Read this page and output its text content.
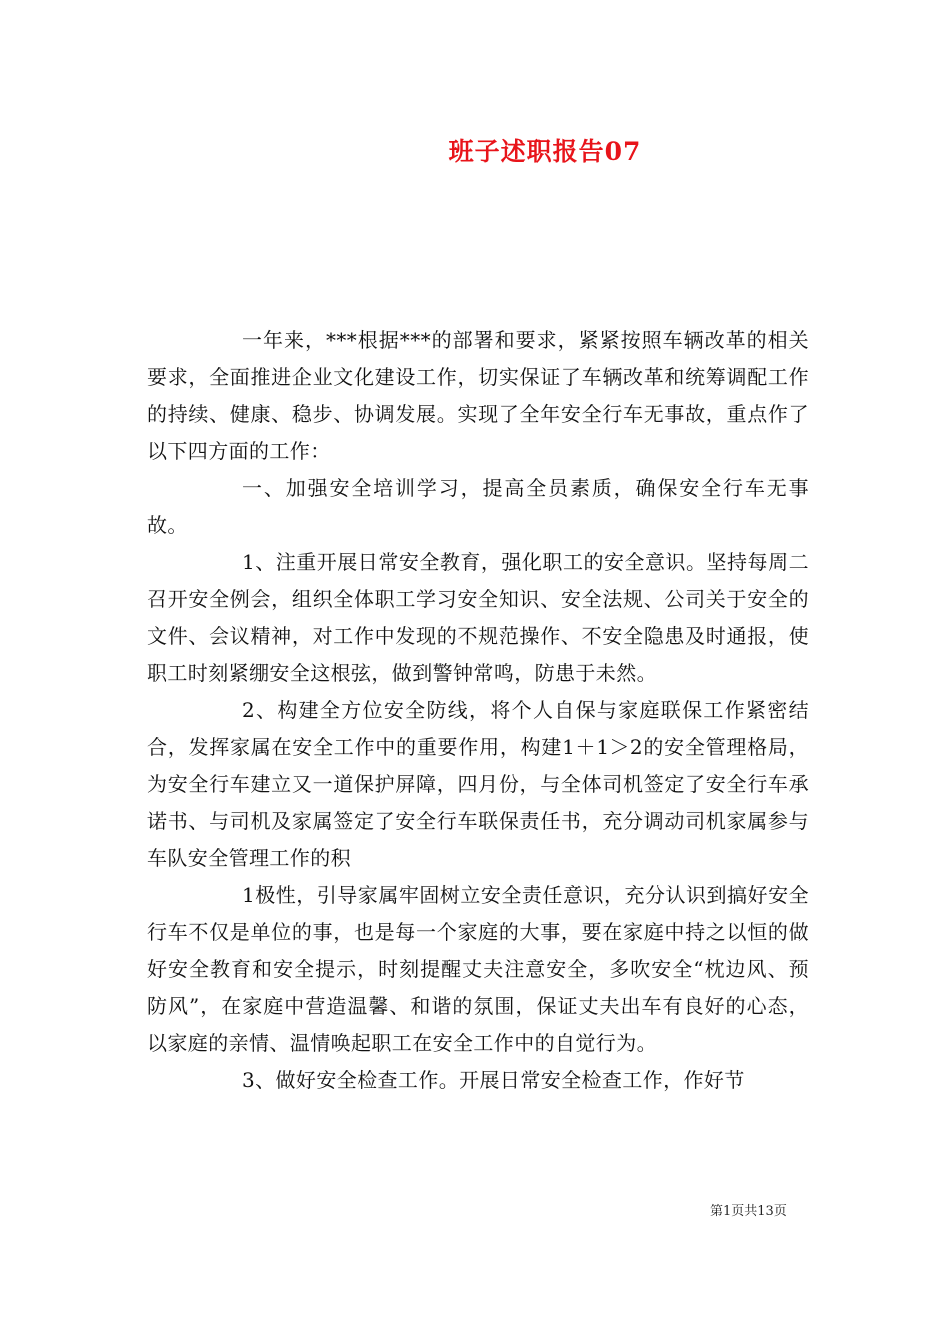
班子述职报告07

一年来，***根据***的部署和要求，紧紧按照车辆改革的相关要求，全面推进企业文化建设工作，切实保证了车辆改革和统筹调配工作的持续、健康、稳步、协调发展。实现了全年安全行车无事故，重点作了以下四方面的工作：

一、加强安全培训学习，提高全员素质，确保安全行车无事故。

1、注重开展日常安全教育，强化职工的安全意识。坚持每周二召开安全例会，组织全体职工学习安全知识、安全法规、公司关于安全的文件、会议精神，对工作中发现的不规范操作、不安全隐患及时通报，使职工时刻紧绷安全这根弦，做到警钟常鸣，防患于未然。

2、构建全方位安全防线，将个人自保与家庭联保工作紧密结合，发挥家属在安全工作中的重要作用，构建1＋1＞2的安全管理格局，为安全行车建立又一道保护屏障，四月份，与全体司机签定了安全行车承诺书、与司机及家属签定了安全行车联保责任书，充分调动司机家属参与车队安全管理工作的积

1极性，引导家属牢固树立安全责任意识，充分认识到搞好安全行车不仅是单位的事，也是每一个家庭的大事，要在家庭中持之以恒的做好安全教育和安全提示，时刻提醒丈夫注意安全，多吹安全“枕边风、预防风”，在家庭中营造温馨、和谐的氛围，保证丈夫出车有良好的心态，以家庭的亲情、温情唤起职工在安全工作中的自觉行为。

3、做好安全检查工作。开展日常安全检查工作，作好节

第1页共13页
